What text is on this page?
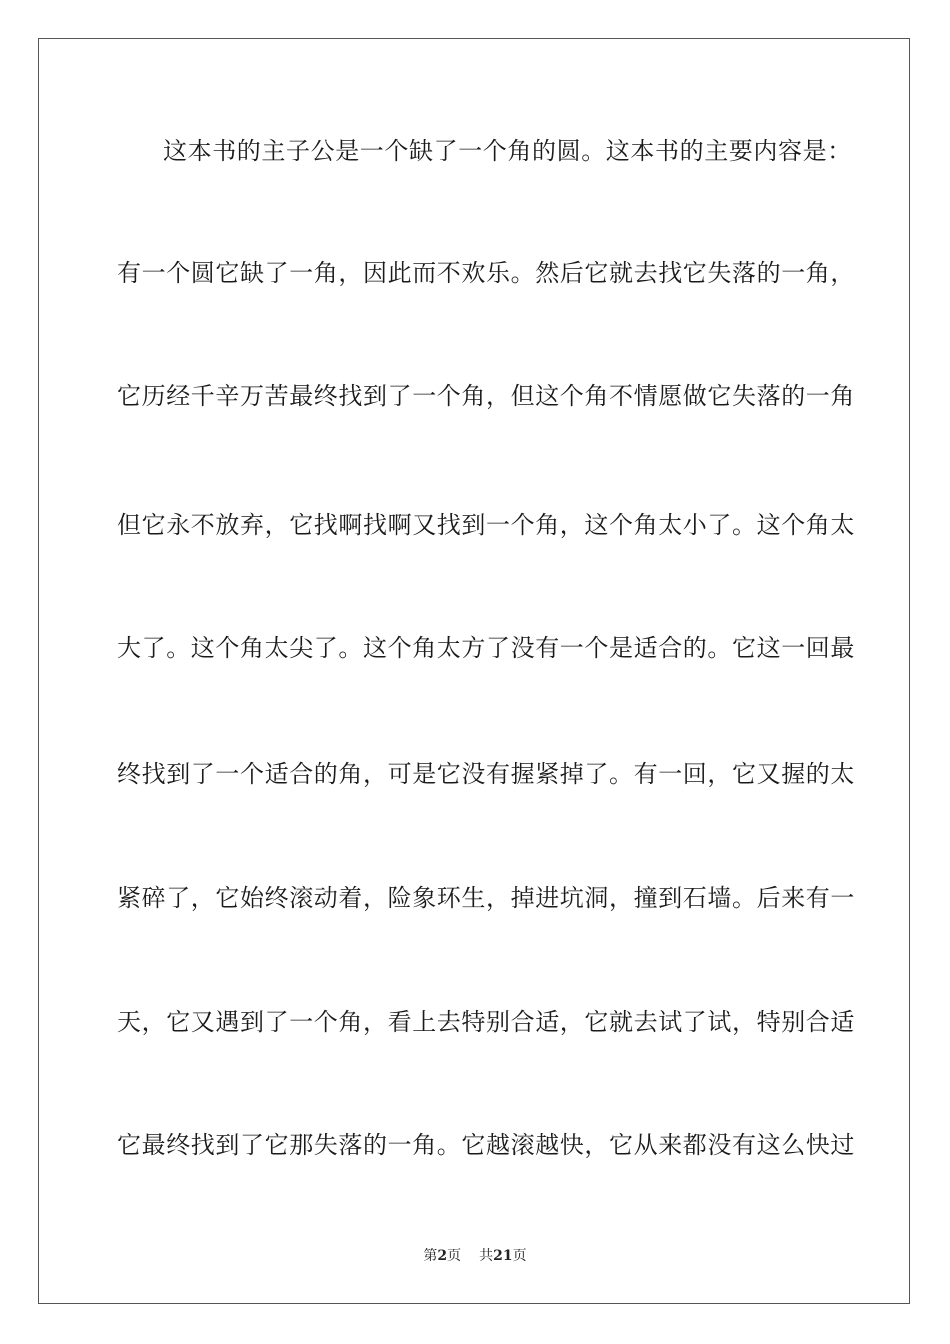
这本书的主子公是一个缺了一个角的圆。这本书的主要内容是：
有一个圆它缺了一角，因此而不欢乐。然后它就去找它失落的一角，
它历经千辛万苦最终找到了一个角，但这个角不情愿做它失落的一角
但它永不放弃，它找啊找啊又找到一个角，这个角太小了。这个角太
大了。这个角太尖了。这个角太方了没有一个是适合的。它这一回最
终找到了一个适合的角，可是它没有握紧掉了。有一回，它又握的太
紧碎了，它始终滚动着，险象环生，掉进坑洞，撞到石墙。后来有一
天，它又遇到了一个角，看上去特别合适，它就去试了试，特别合适
它最终找到了它那失落的一角。它越滚越快，它从来都没有这么快过
第2页 共21页
